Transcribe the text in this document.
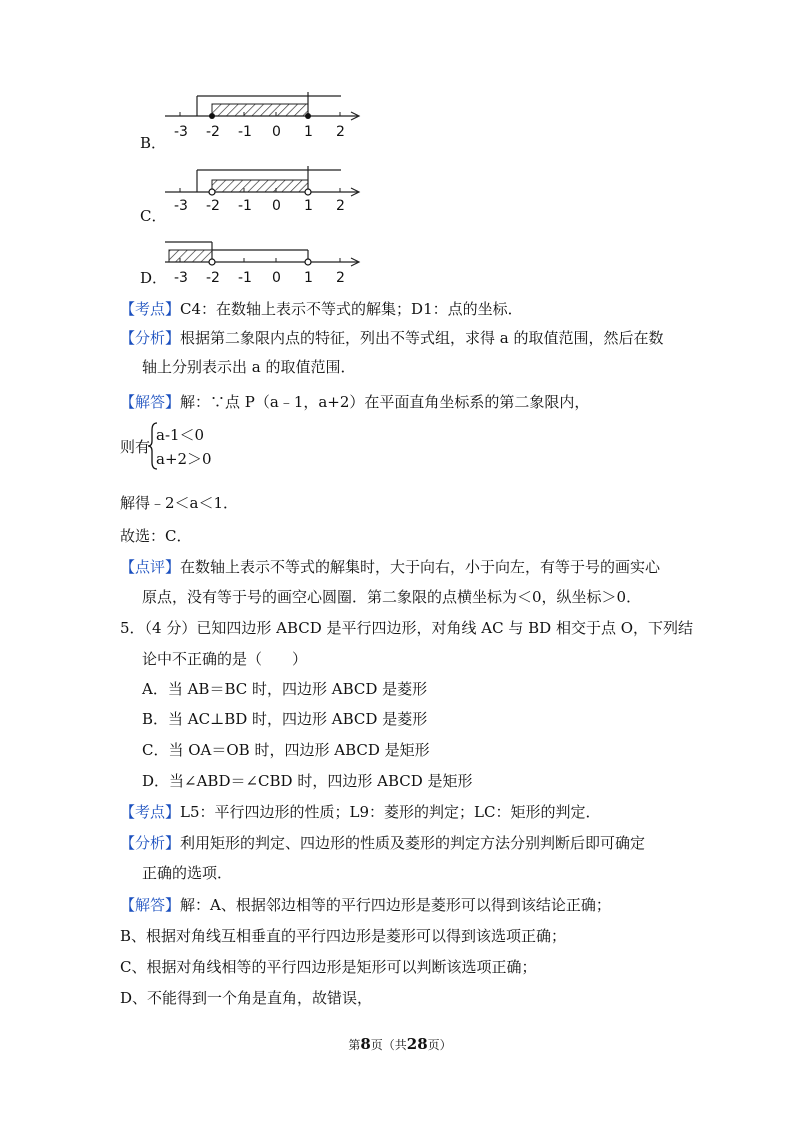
B．
-3 -2 -1 0 1 2
C．
-3 -2 -1 0 1 2
D． -3 -2 -1 0 1 2
【考点】C4：在数轴上表示不等式的解集；D1：点的坐标．
【分析】根据第二象限内点的特征，列出不等式组，求得 a 的取值范围，然后在数
轴上分别表示出 a 的取值范围．
【解答】解：∵点 P（a﹣1，a+2）在平面直角坐标系的第二象限内，
则有
a-1＜0
a+2＞0
解得﹣2＜a＜1．
故选：C．
【点评】在数轴上表示不等式的解集时，大于向右，小于向左，有等于号的画实心
原点，没有等于号的画空心圆圈．第二象限的点横坐标为＜0，纵坐标＞0．
5．（4 分）已知四边形 ABCD 是平行四边形，对角线 AC 与 BD 相交于点 O，下列结
论中不正确的是（　　）
A．当 AB＝BC 时，四边形 ABCD 是菱形
B．当 AC⊥BD 时，四边形 ABCD 是菱形
C．当 OA＝OB 时，四边形 ABCD 是矩形
D．当∠ABD＝∠CBD 时，四边形 ABCD 是矩形
【考点】L5：平行四边形的性质；L9：菱形的判定；LC：矩形的判定．
【分析】利用矩形的判定、四边形的性质及菱形的判定方法分别判断后即可确定
正确的选项．
【解答】解：A、根据邻边相等的平行四边形是菱形可以得到该结论正确；
B、根据对角线互相垂直的平行四边形是菱形可以得到该选项正确；
C、根据对角线相等的平行四边形是矩形可以判断该选项正确；
D、不能得到一个角是直角，故错误，
第8页（共28页）
